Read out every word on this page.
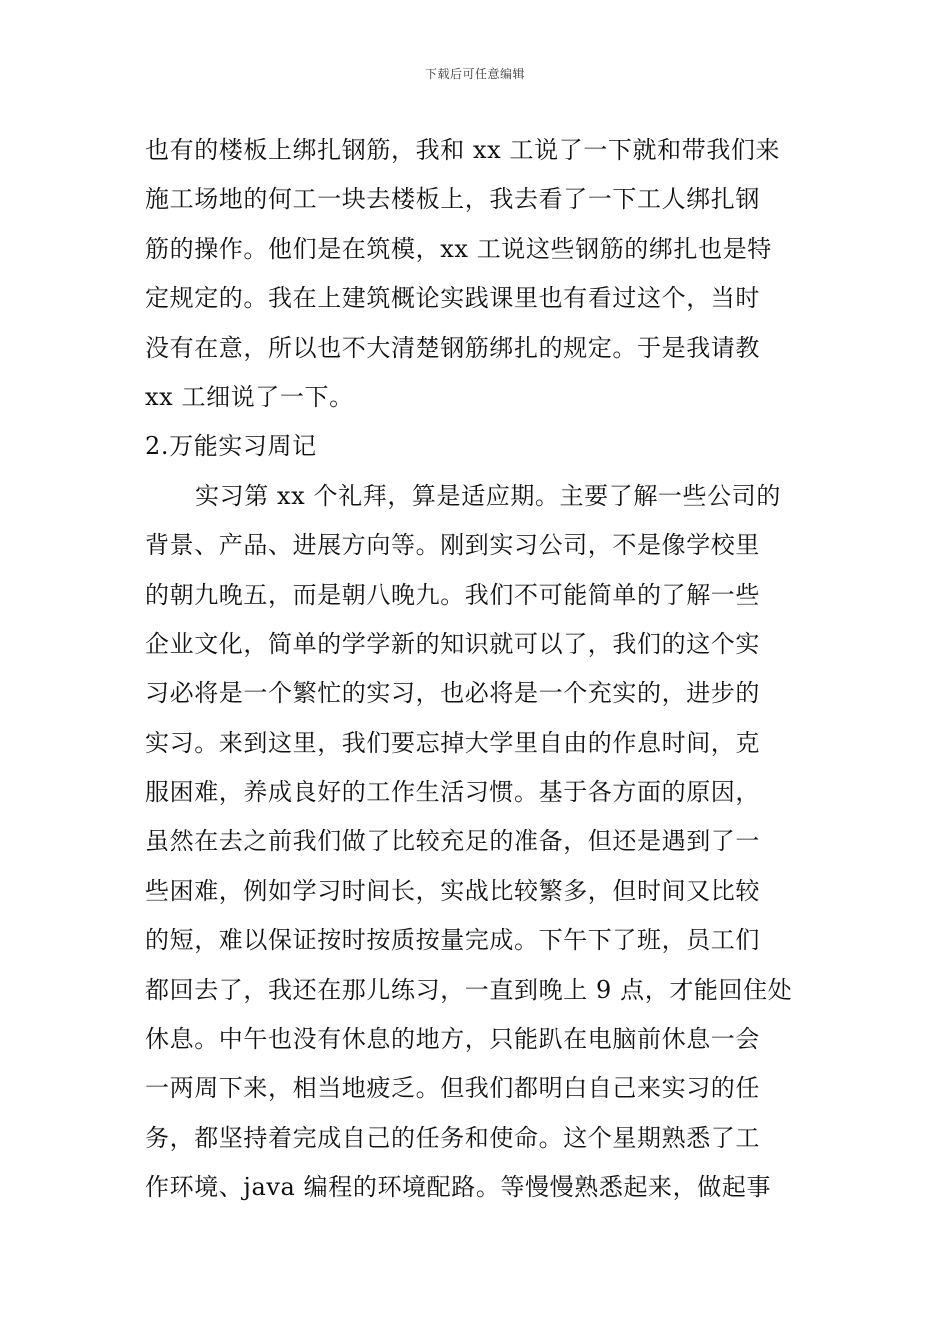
下载后可任意编辑
也有的楼板上绑扎钢筋，我和 xx 工说了一下就和带我们来
施工场地的何工一块去楼板上，我去看了一下工人绑扎钢
筋的操作。他们是在筑模，xx 工说这些钢筋的绑扎也是特
定规定的。我在上建筑概论实践课里也有看过这个，当时
没有在意，所以也不大清楚钢筋绑扎的规定。于是我请教
xx 工细说了一下。
2.万能实习周记
实习第 xx 个礼拜，算是适应期。主要了解一些公司的
背景、产品、进展方向等。刚到实习公司，不是像学校里
的朝九晚五，而是朝八晚九。我们不可能简单的了解一些
企业文化，简单的学学新的知识就可以了，我们的这个实
习必将是一个繁忙的实习，也必将是一个充实的，进步的
实习。来到这里，我们要忘掉大学里自由的作息时间，克
服困难，养成良好的工作生活习惯。基于各方面的原因，
虽然在去之前我们做了比较充足的准备，但还是遇到了一
些困难，例如学习时间长，实战比较繁多，但时间又比较
的短，难以保证按时按质按量完成。下午下了班，员工们
都回去了，我还在那儿练习，一直到晚上 9 点，才能回住处
休息。中午也没有休息的地方，只能趴在电脑前休息一会
一两周下来，相当地疲乏。但我们都明白自己来实习的任
务，都坚持着完成自己的任务和使命。这个星期熟悉了工
作环境、java 编程的环境配路。等慢慢熟悉起来，做起事
